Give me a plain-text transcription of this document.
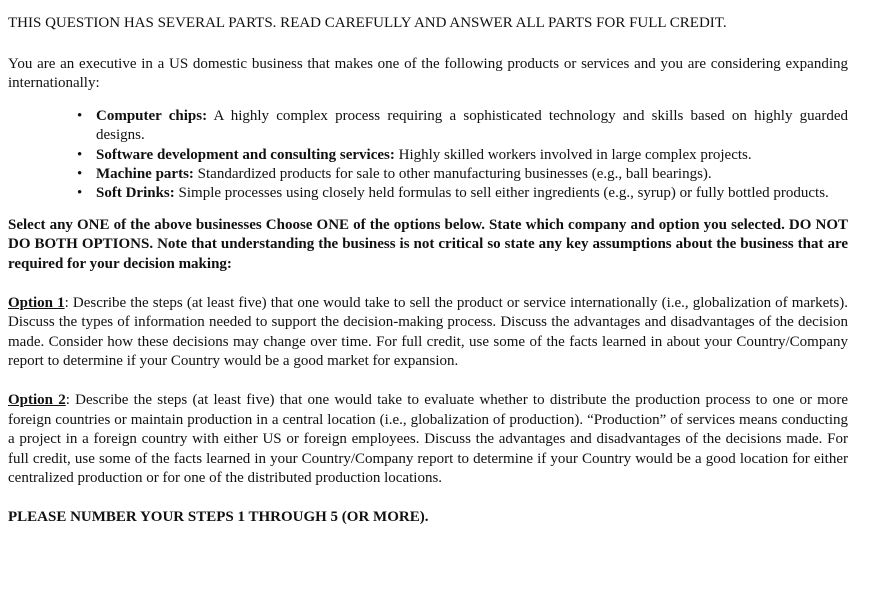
THIS QUESTION HAS SEVERAL PARTS. READ CAREFULLY AND ANSWER ALL PARTS FOR FULL CREDIT.

You are an executive in a US domestic business that makes one of the following products or services and you are considering expanding internationally:

• Computer chips: A highly complex process requiring a sophisticated technology and skills based on highly guarded designs.
• Software development and consulting services: Highly skilled workers involved in large complex projects.
• Machine parts: Standardized products for sale to other manufacturing businesses (e.g., ball bearings).
• Soft Drinks: Simple processes using closely held formulas to sell either ingredients (e.g., syrup) or fully bottled products.

Select any ONE of the above businesses Choose ONE of the options below. State which company and option you selected. DO NOT DO BOTH OPTIONS. Note that understanding the business is not critical so state any key assumptions about the business that are required for your decision making:

Option 1: Describe the steps (at least five) that one would take to sell the product or service internationally (i.e., globalization of markets). Discuss the types of information needed to support the decision-making process. Discuss the advantages and disadvantages of the decision made. Consider how these decisions may change over time. For full credit, use some of the facts learned in about your Country/Company report to determine if your Country would be a good market for expansion.

Option 2: Describe the steps (at least five) that one would take to evaluate whether to distribute the production process to one or more foreign countries or maintain production in a central location (i.e., globalization of production). “Production” of services means conducting a project in a foreign country with either US or foreign employees. Discuss the advantages and disadvantages of the decisions made. For full credit, use some of the facts learned in your Country/Company report to determine if your Country would be a good location for either centralized production or for one of the distributed production locations.

PLEASE NUMBER YOUR STEPS 1 THROUGH 5 (OR MORE).
